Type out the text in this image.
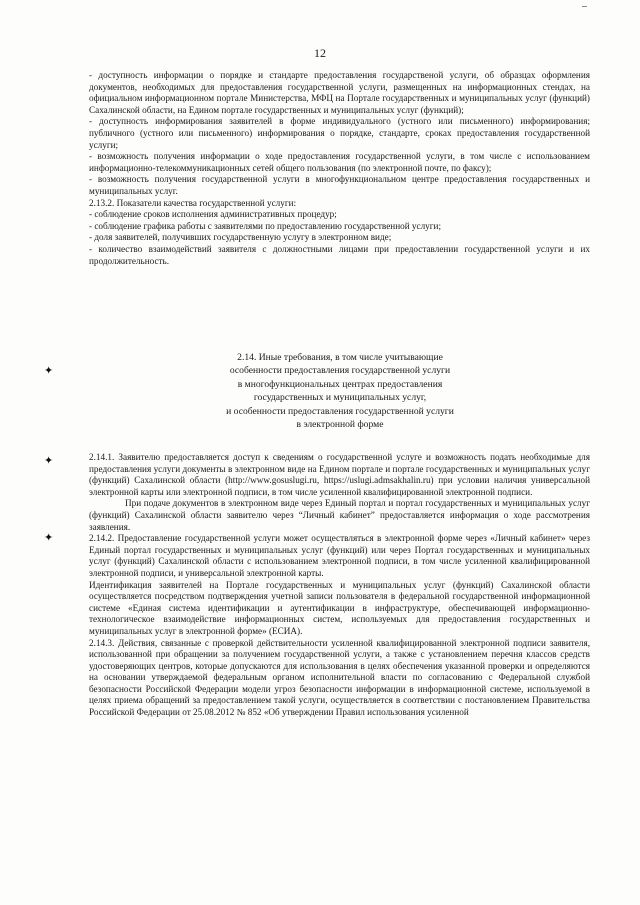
12

- доступность информации о порядке и стандарте предоставления государственой услуги, об образцах оформления документов, необходимых для предоставления государственной услуги, размещенных на информационных стендах, на официальном информационном портале Министерства, МФЦ на Портале государственных и муниципальных услуг (функций) Сахалинской области, на Едином портале государственных и муниципальных услуг (функций);

- доступность информирования заявителей в форме индивидуального (устного или письменного) информирования; публичного (устного или письменного) информирования о порядке, стандарте, сроках предоставления государственной услуги;

- возможность получения информации о ходе предоставления государственной услуги, в том числе с использованием информационно-телекоммуникационных сетей общего пользования (по электронной почте, по факсу);

- возможность получения государственной услуги в многофункциональном центре предоставления государственных и муниципальных услуг.

2.13.2. Показатели качества государственной услуги:

- соблюдение сроков исполнения административных процедур;

- соблюдение графика работы с заявителями по предоставлению государственной услуги;

- доля заявителей, получивших государственную услугу в электронном виде;

- количество взаимодействий заявителя с должностными лицами при предоставлении государственной услуги и их продолжительность.

✦
✦
✦
2.14. Иные требования, в том числе учитывающие
особенности предоставления государственной услуги
в многофункциональных центрах предоставления
государственных и муниципальных услуг,
и особенности предоставления государственной услуги
в электронной форме

2.14.1. Заявителю предоставляется доступ к сведениям о государственной услуге и возможность подать необходимые для предоставления услуги документы в электронном виде на Едином портале и портале государственных и муниципальных услуг (функций) Сахалинской области (http://www.gosuslugi.ru, https://uslugi.admsakhalin.ru) при условии наличия универсальной электронной карты или электронной подписи, в том числе усиленной квалифицированной электронной подписи.

При подаче документов в электронном виде через Единый портал и портал государственных и муниципальных услуг (функций) Сахалинской области заявителю через “Личный кабинет” предоставляется информация о ходе рассмотрения заявления.

2.14.2. Предоставление государственной услуги может осуществляться в электронной форме через «Личный кабинет» через Единый портал государственных и муниципальных услуг (функций) или через Портал государственных и муниципальных услуг (функций) Сахалинской области с использованием электронной подписи, в том числе усиленной квалифицированной электронной подписи, и универсальной электронной карты.

Идентификация заявителей на Портале государственных и муниципальных услуг (функций) Сахалинской области осуществляется посредством подтверждения учетной записи пользователя в федеральной государственной информационной системе «Единая система идентификации и аутентификации в инфраструктуре, обеспечивающей информационно-технологическое взаимодействие информационных систем, используемых для предоставления государственных и муниципальных услуг в электронной форме» (ЕСИА).

2.14.3. Действия, связанные с проверкой действительности усиленной квалифицированной электронной подписи заявителя, использованной при обращении за получением государственной услуги, а также с установлением перечня классов средств удостоверяющих центров, которые допускаются для использования в целях обеспечения указанной проверки и определяются на основании утверждаемой федеральным органом исполнительной власти по согласованию с Федеральной службой безопасности Российской Федерации модели угроз безопасности информации в информационной системе, используемой в целях приема обращений за предоставлением такой услуги, осуществляется в соответствии с постановлением Правительства Российской Федерации от 25.08.2012 № 852 «Об утверждении Правил использования усиленной
